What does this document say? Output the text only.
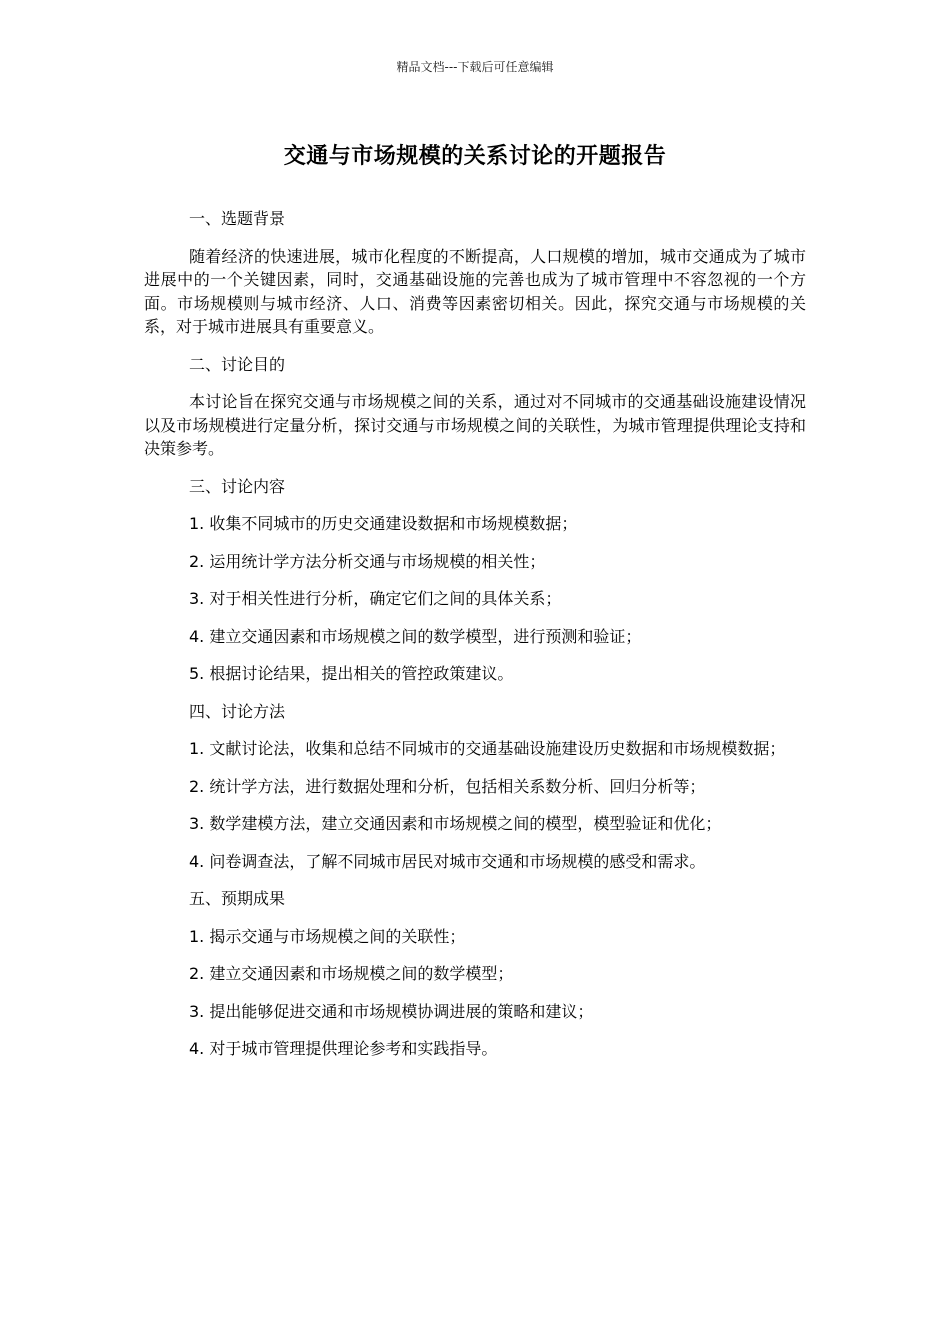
精品文档---下载后可任意编辑
交通与市场规模的关系讨论的开题报告

一、选题背景

随着经济的快速进展，城市化程度的不断提高，人口规模的增加，城市交通成为了城市进展中的一个关键因素，同时，交通基础设施的完善也成为了城市管理中不容忽视的一个方面。市场规模则与城市经济、人口、消费等因素密切相关。因此，探究交通与市场规模的关系，对于城市进展具有重要意义。

二、讨论目的

本讨论旨在探究交通与市场规模之间的关系，通过对不同城市的交通基础设施建设情况以及市场规模进行定量分析，探讨交通与市场规模之间的关联性，为城市管理提供理论支持和决策参考。

三、讨论内容

1. 收集不同城市的历史交通建设数据和市场规模数据；

2. 运用统计学方法分析交通与市场规模的相关性；

3. 对于相关性进行分析，确定它们之间的具体关系；

4. 建立交通因素和市场规模之间的数学模型，进行预测和验证；

5. 根据讨论结果，提出相关的管控政策建议。

四、讨论方法

1. 文献讨论法，收集和总结不同城市的交通基础设施建设历史数据和市场规模数据；

2. 统计学方法，进行数据处理和分析，包括相关系数分析、回归分析等；

3. 数学建模方法，建立交通因素和市场规模之间的模型，模型验证和优化；

4. 问卷调查法，了解不同城市居民对城市交通和市场规模的感受和需求。

五、预期成果

1. 揭示交通与市场规模之间的关联性；

2. 建立交通因素和市场规模之间的数学模型；

3. 提出能够促进交通和市场规模协调进展的策略和建议；

4. 对于城市管理提供理论参考和实践指导。
